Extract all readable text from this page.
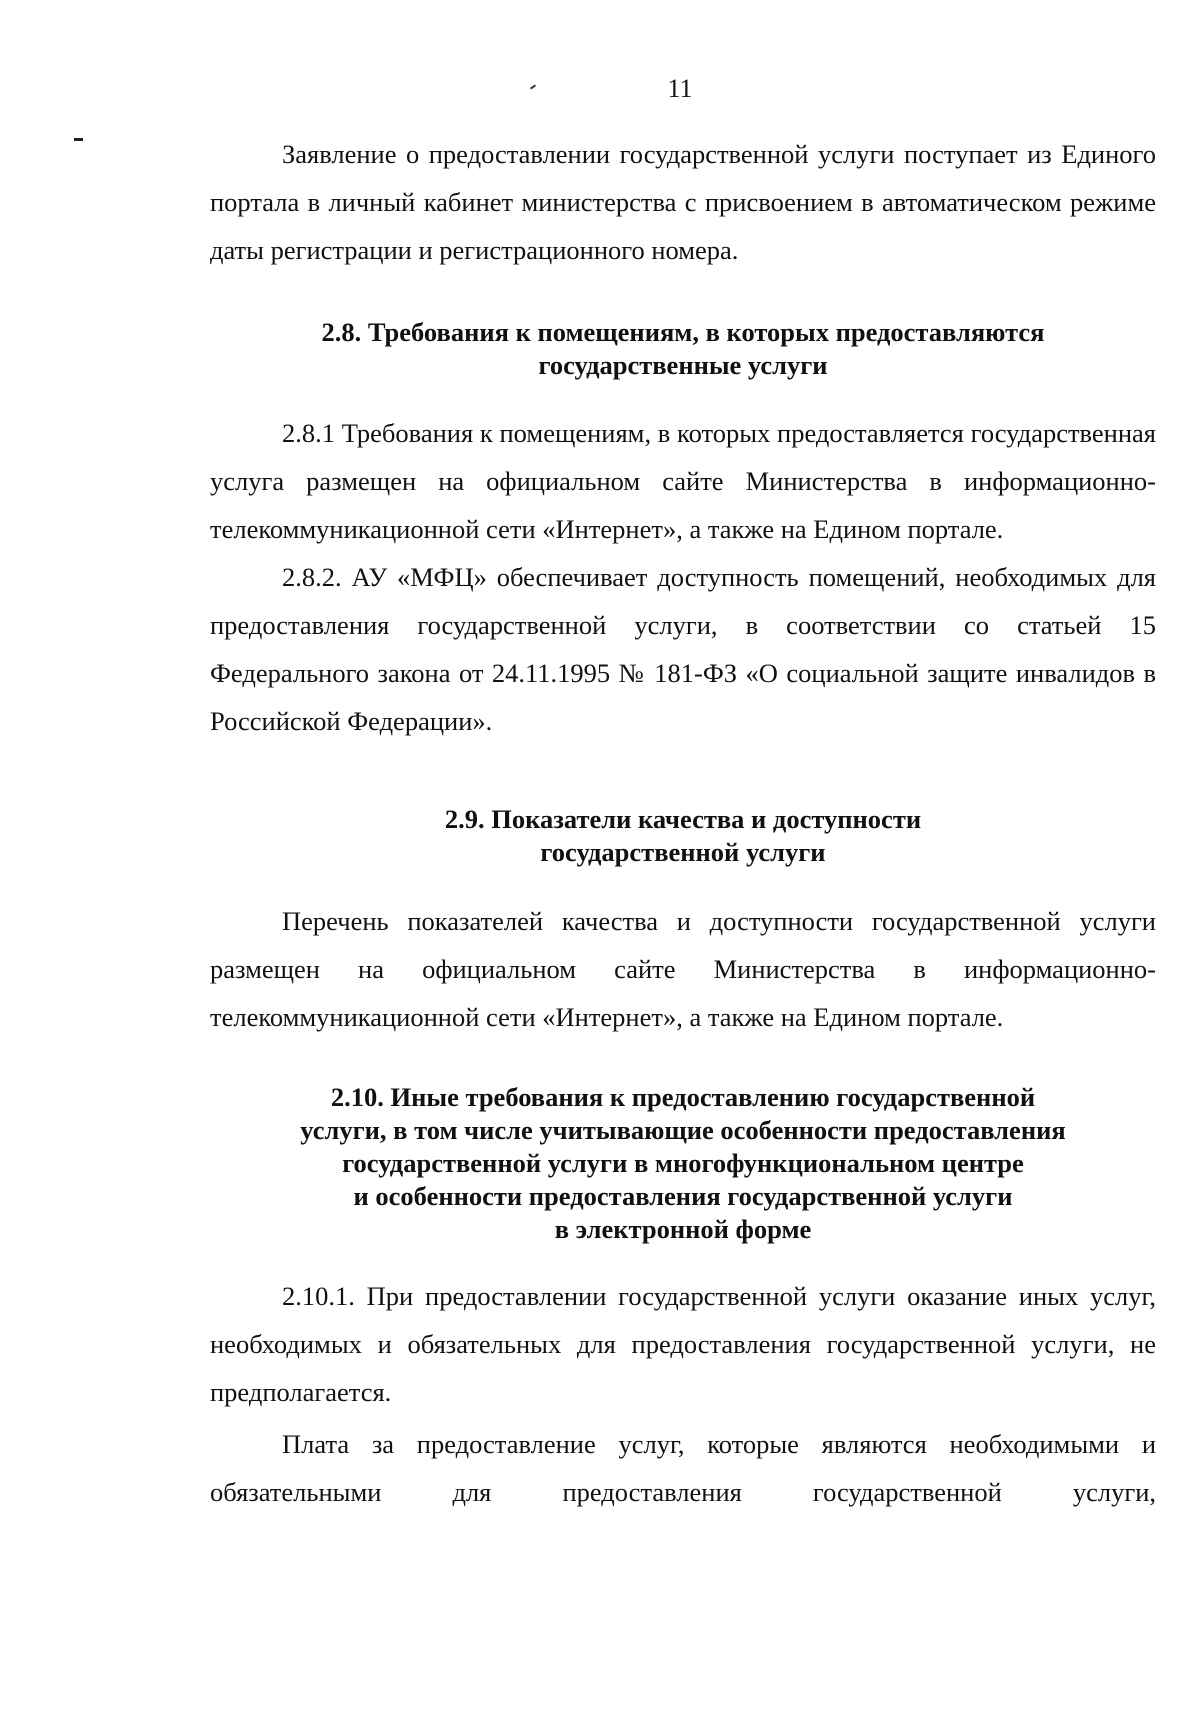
11

Заявление о предоставлении государственной услуги поступает из Единого портала в личный кабинет министерства с присвоением в автоматическом режиме даты регистрации и регистрационного номера.

2.8. Требования к помещениям, в которых предоставляются
государственные услуги

2.8.1 Требования к помещениям, в которых предоставляется государственная услуга размещен на официальном сайте Министерства в информационно-телекоммуникационной сети «Интернет», а также на Едином портале.

2.8.2. АУ «МФЦ» обеспечивает доступность помещений, необходимых для предоставления государственной услуги, в соответствии со статьей 15 Федерального закона от 24.11.1995 № 181-ФЗ «О социальной защите инвалидов в Российской Федерации».

2.9. Показатели качества и доступности
государственной услуги

Перечень показателей качества и доступности государственной услуги размещен на официальном сайте Министерства в информационно-телекоммуникационной сети «Интернет», а также на Едином портале.

2.10. Иные требования к предоставлению государственной
услуги, в том числе учитывающие особенности предоставления
государственной услуги в многофункциональном центре
и особенности предоставления государственной услуги
в электронной форме

2.10.1. При предоставлении государственной услуги оказание иных услуг, необходимых и обязательных для предоставления государственной услуги, не предполагается.

Плата за предоставление услуг, которые являются необходимыми и обязательными для предоставления государственной услуги,
